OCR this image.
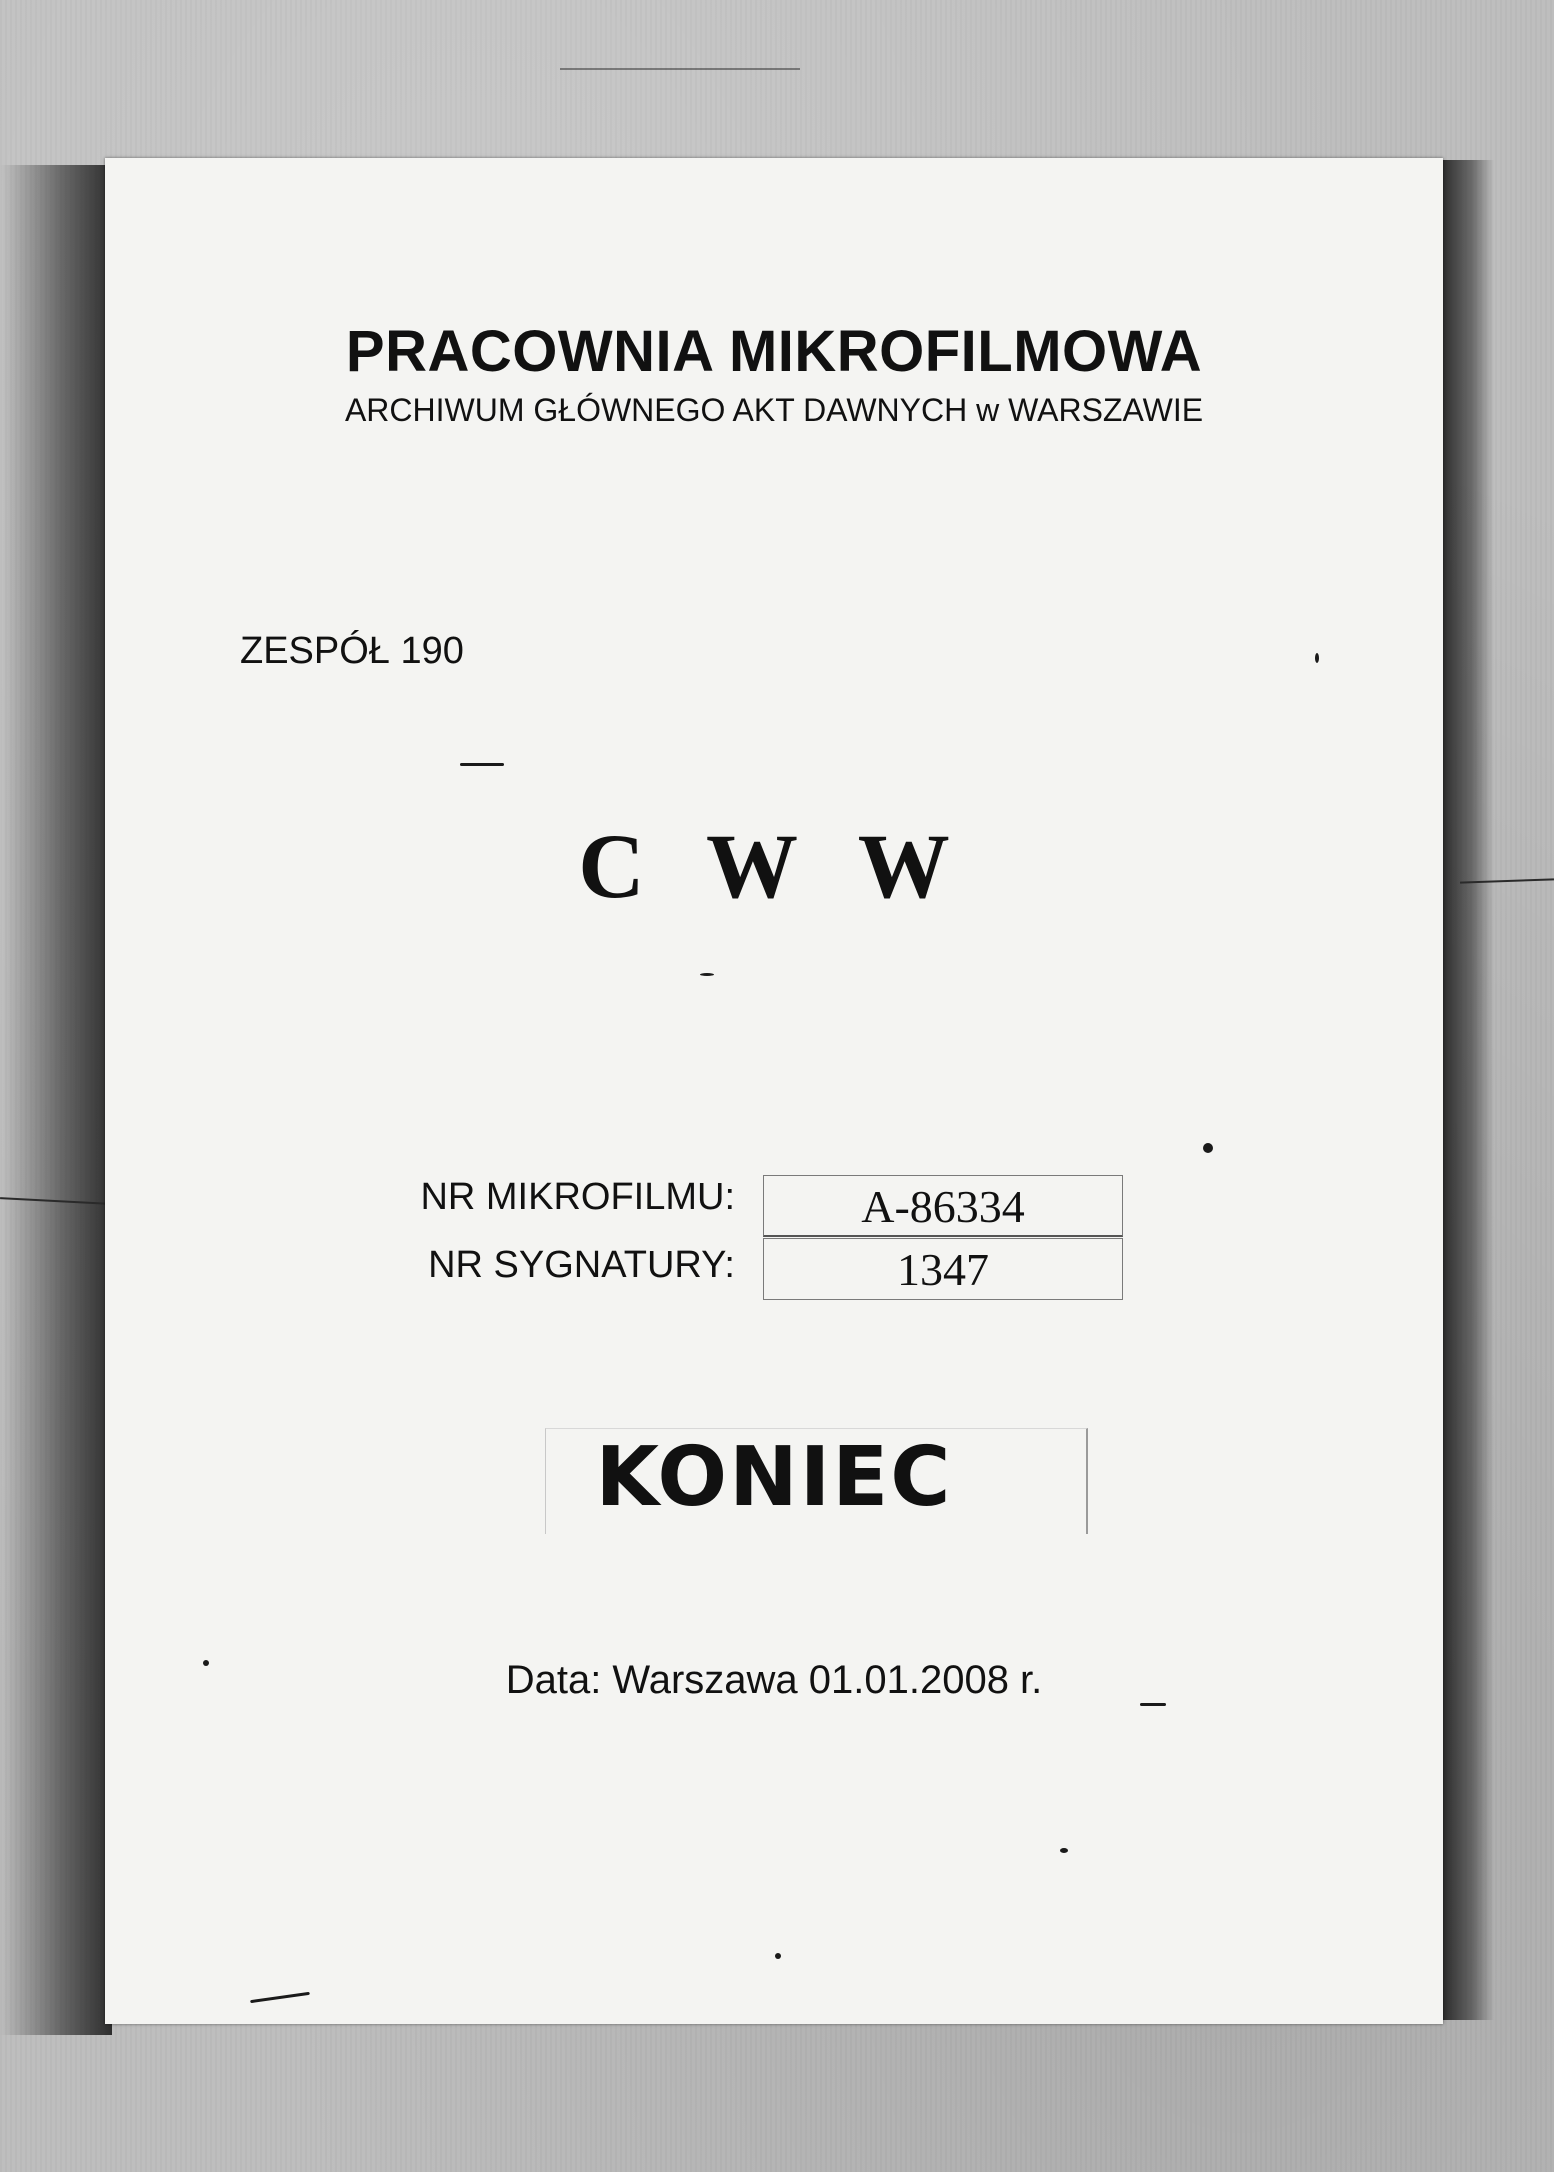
PRACOWNIA MIKROFILMOWA
ARCHIWUM GŁÓWNEGO AKT DAWNYCH w WARSZAWIE
ZESPÓŁ 190
C W W
NR MIKROFILMU:	A-86334
NR SYGNATURY:	1347
KONIEC
Data: Warszawa 01.01.2008 r.
